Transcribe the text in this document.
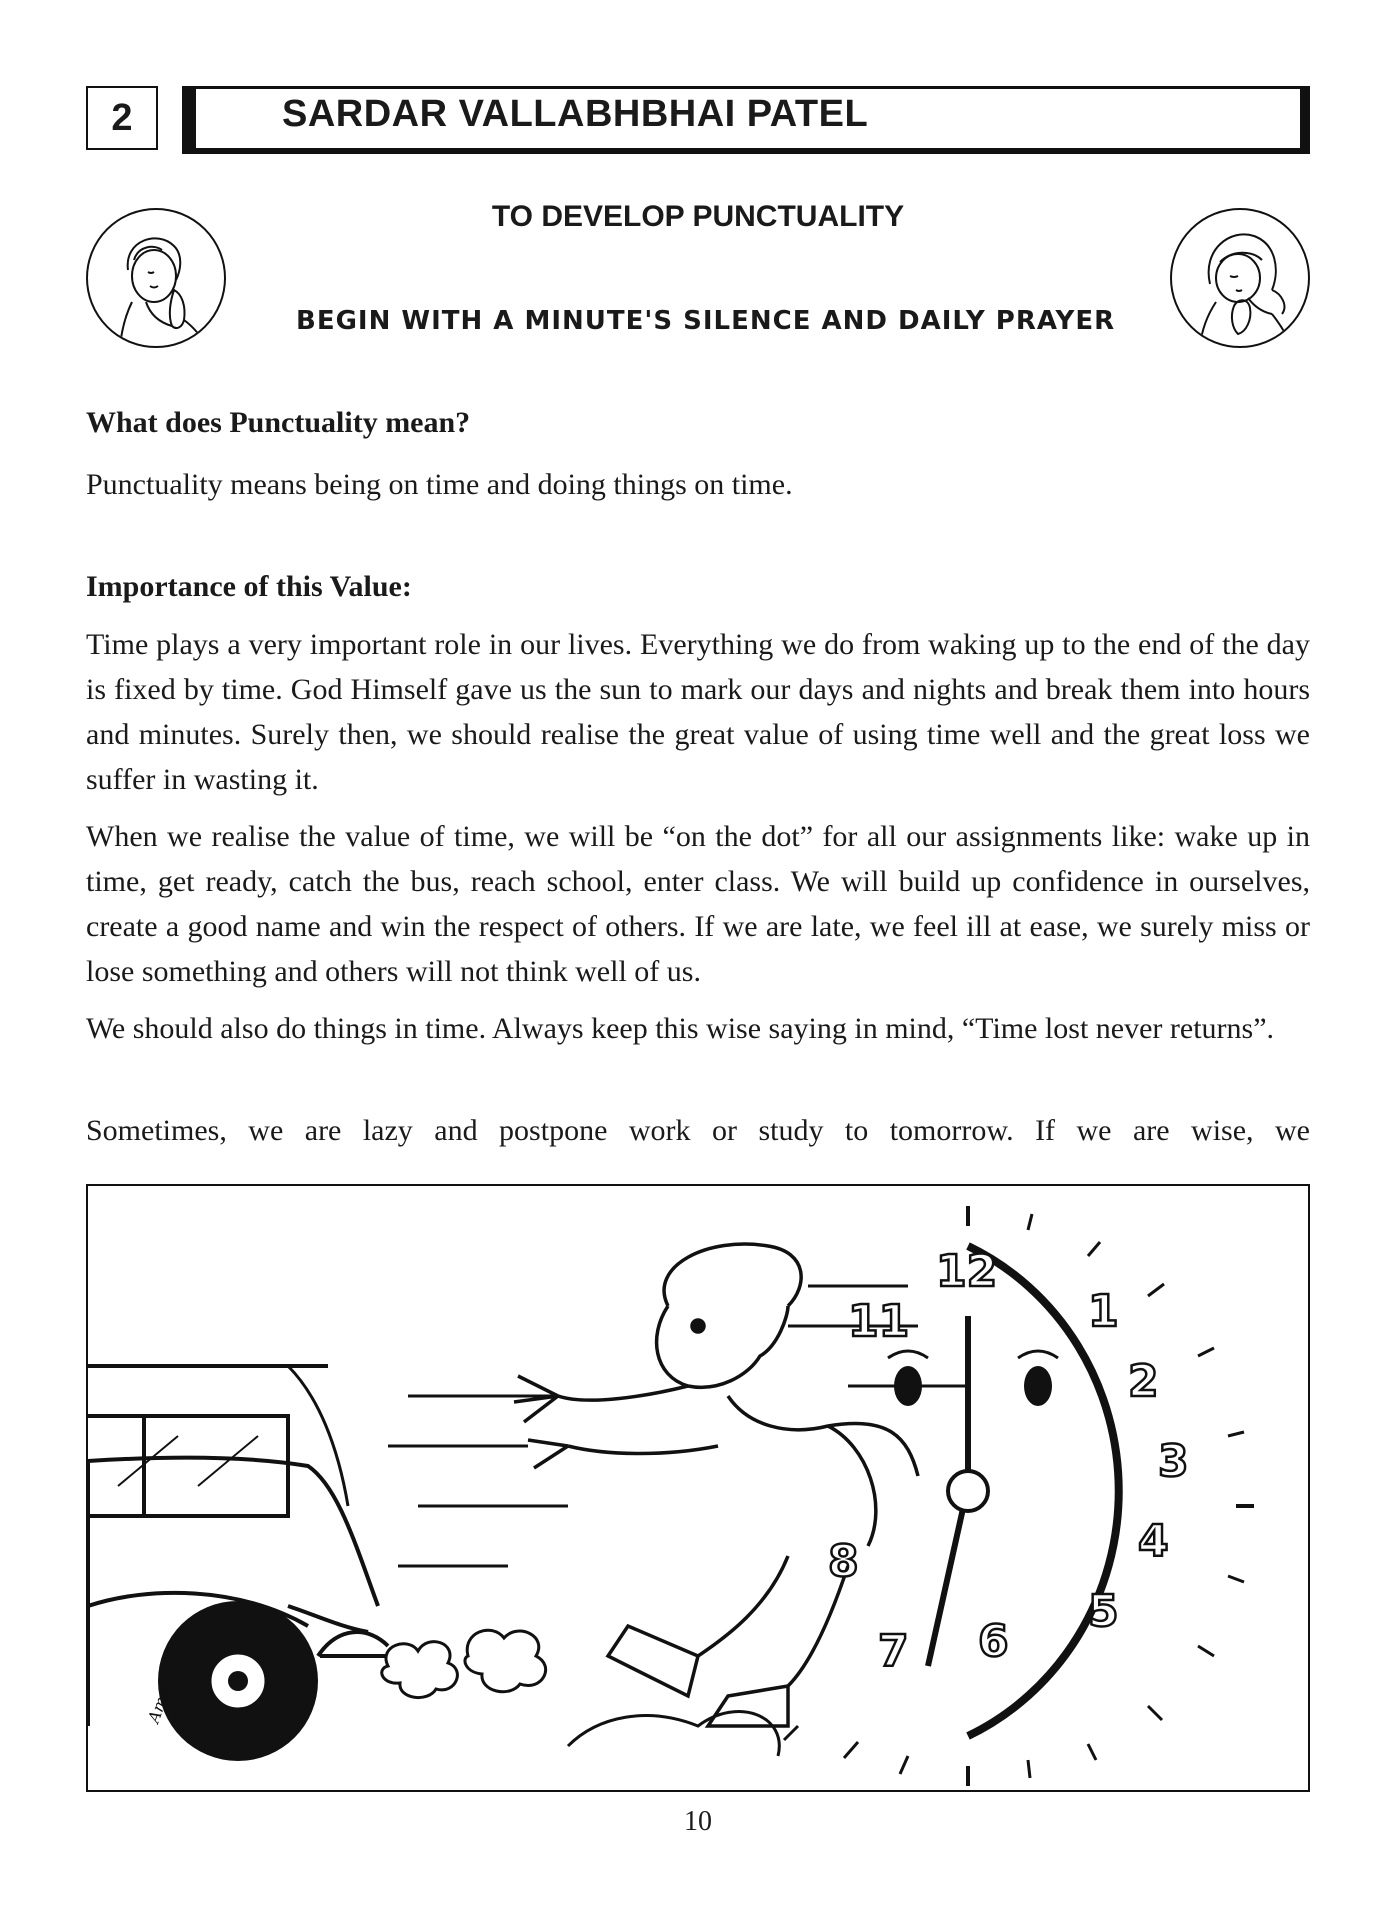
2	SARDAR VALLABHBHAI PATEL
TO DEVELOP PUNCTUALITY
BEGIN WITH A MINUTE'S SILENCE AND DAILY PRAYER

What does Punctuality mean?

Punctuality means being on time and doing things on time.

Importance of this Value:

Time plays a very important role in our lives. Everything we do from waking up to the end of the day is fixed by time. God Himself gave us the sun to mark our days and nights and break them into hours and minutes. Surely then, we should realise the great value of using time well and the great loss we suffer in wasting it.

When we realise the value of time, we will be “on the dot” for all our assignments like: wake up in time, get ready, catch the bus, reach school, enter class. We will build up confidence in ourselves, create a good name and win the respect of others. If we are late, we feel ill at ease, we surely miss or lose something and others will not think well of us.

We should also do things in time. Always keep this wise saying in mind, “Time lost never returns”.

Sometimes, we are lazy and postpone work or study to tomorrow. If we are wise, we

12
11	1
2
3
4
5
6
7
8
Amol
10
